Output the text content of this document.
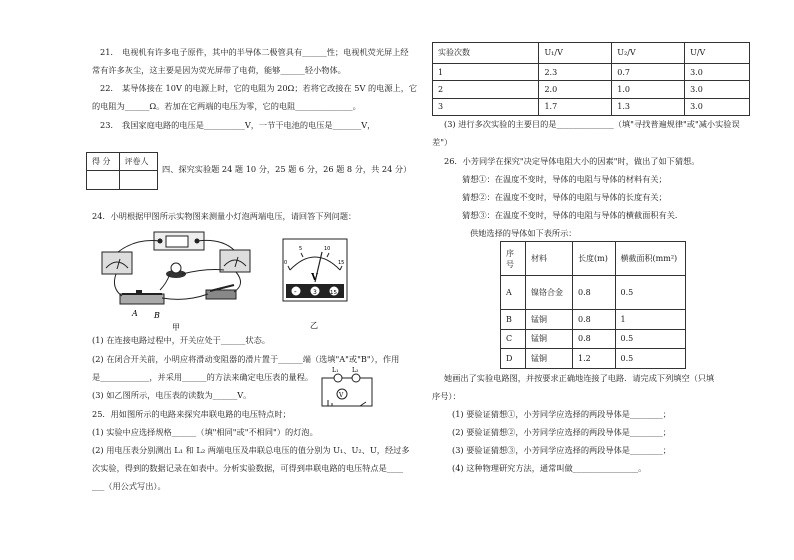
21. 电视机有许多电子原件，其中的半导体二极管具有______性；电视机荧光屏上经
常有许多灰尘，这主要是因为荧光屏带了电荷，能够______轻小物体。
22. 某导体接在 10V 的电源上时，它的电阻为 20Ω；若将它改接在 5V 的电源上，它
的电阻为______Ω。若加在它两端的电压为零，它的电阻______________。
23. 我国家庭电路的电压是__________V，一节干电池的电压是_______V，
得 分	评卷人

四、探究实验题 24 题 10 分，25 题 6 分，26 题 8 分，共 24 分）
24．小明根据甲图所示实物图来测量小灯泡两端电压，请回答下列问题：
A B
甲
0
5	10
15
V
-	3 15
乙
(1) 在连接电路过程中，开关应处于______状态。
(2) 在闭合开关前，小明应将滑动变阻器的滑片置于______端（选填"A"或"B"），作用
是____________，并采用______的方法来确定电压表的量程。
(3) 如乙图所示，电压表的读数为______V。
L₁ L₂
V
25．用如图所示的电路来探究串联电路的电压特点时；
(1) 实验中应选择规格______（填"相同"或"不相同"）的灯泡。
(2) 用电压表分别测出 L₁ 和 L₂ 两端电压及串联总电压的值分别为 U₁、U₂、U，经过多
次实验，得到的数据记录在如表中。分析实验数据，可得到串联电路的电压特点是____
___（用公式写出）。
实验次数	U₁/V	U₂/V	U/V
1	2.3	0.7	3.0
2	2.0	1.0	3.0
3	1.7	1.3	3.0
(3) 进行多次实验的主要目的是______________（填"寻找普遍规律"或"减小实验误
差"）
26．小芳同学在探究"决定导体电阻大小的因素"时，做出了如下猜想。
猜想①：在温度不变时，导体的电阻与导体的材料有关；
猜想②：在温度不变时，导体的电阻与导体的长度有关；
猜想③：在温度不变时，导体的电阻与导体的横截面积有关．
供她选择的导体如下表所示：
序号	材料	长度(m)	横截面积(mm²)
A	镍铬合金	0.8	0.5
B	锰铜	0.8	1
C	锰铜	0.8	0.5
D	锰铜	1.2	0.5
她画出了实验电路图，并按要求正确地连接了电路．请完成下列填空（只填
序号）：
(1) 要验证猜想①，小芳同学应选择的两段导体是________；
(2) 要验证猜想②，小芳同学应选择的两段导体是________；
(3) 要验证猜想③，小芳同学应选择的两段导体是________；
(4) 这种物理研究方法，通常叫做________________。
